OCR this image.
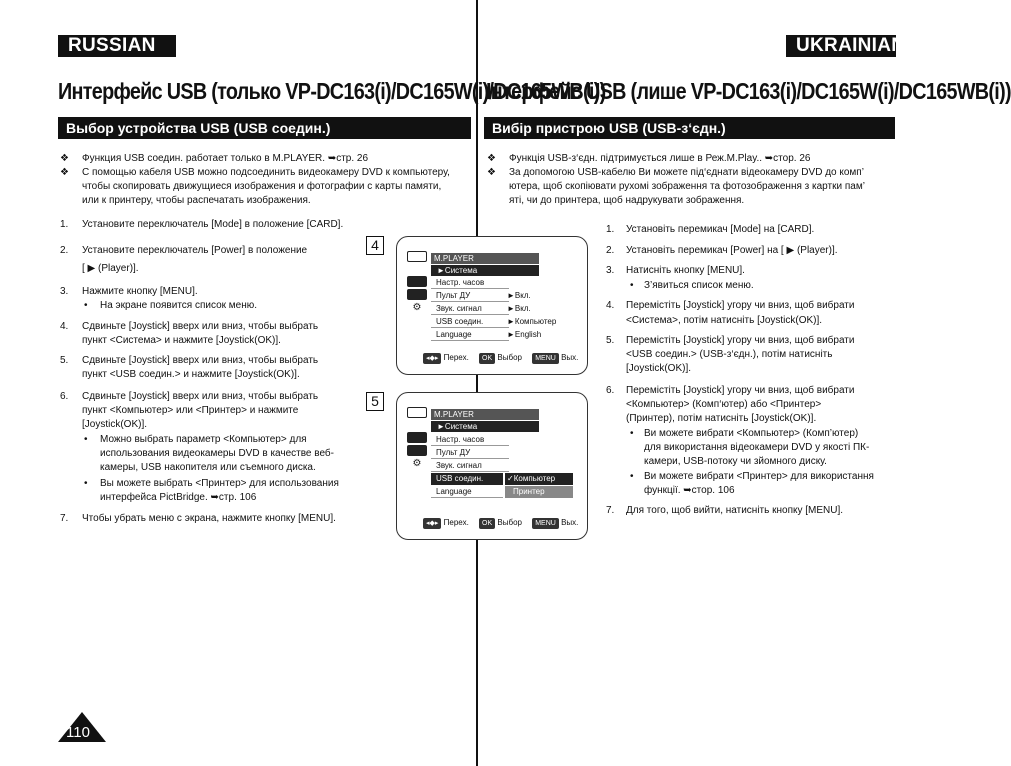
RUSSIAN
Интерфейс USB (только VP-DC163(i)/DC165W(i)/DC165WB(i))
Выбор устройства USB (USB соедин.)
❖ Функция USB соедин. работает только в M.PLAYER. ➥стр. 26
❖ С помощью кабеля USB можно подсоединить видеокамеру DVD к компьютеру,
чтобы скопировать движущиеся изображения и фотографии с карты памяти,
или к принтеру, чтобы распечатать изображения.
1. Установите переключатель [Mode] в положение [CARD].
2. Установите переключатель [Power] в положение
[ ▶ (Player)].
3. Нажмите кнопку [MENU].
• На экране появится список меню.
4. Сдвиньте [Joystick] вверх или вниз, чтобы выбрать
пункт <Система> и нажмите [Joystick(OK)].
5. Сдвиньте [Joystick] вверх или вниз, чтобы выбрать
пункт <USB соедин.> и нажмите [Joystick(OK)].
6. Сдвиньте [Joystick] вверх или вниз, чтобы выбрать
пункт <Компьютер> или <Принтер> и нажмите
[Joystick(OK)].
• Можно выбрать параметр <Компьютер> для
использования видеокамеры DVD в качестве веб-
камеры, USB накопителя или съемного диска.
• Вы можете выбрать <Принтер> для использования
интерфейса PictBridge. ➥стр. 106
7. Чтобы убрать меню с экрана, нажмите кнопку [MENU].
4
⚙
M.PLAYER
►Система
Настр. часов
Пульт ДУ
Звук. сигнал
USB соедин.
Language
►Вкл.
►Вкл.
►Компьютер
►English
◂◆▸ Перех. OK Выбор MENU Вых.
5
⚙
M.PLAYER
►Система
Настр. часов
Пульт ДУ
Звук. сигнал
USB соедин.
Language
✓Компьютер
Принтер
◂◆▸ Перех. OK Выбор MENU Вых.
UKRAINIAN
Інтерфейс USB (лише VP-DC163(i)/DC165W(i)/DC165WB(i))
Вибір пристрою USB (USB-з‘єдн.)
❖ Функція USB-з‘єдн. підтримується лише в Реж.M.Play.. ➥стор. 26
❖ За допомогою USB-кабелю Ви можете під‘єднати відеокамеру DVD до комп’
ютера, щоб скопіювати рухомі зображення та фотозображення з картки пам’
яті, чи до принтера, щоб надрукувати зображення.
1. Установіть перемикач [Mode] на [CARD].
2. Установіть перемикач [Power] на [ ▶ (Player)].
3. Натисніть кнопку [MENU].
• З’явиться список меню.
4. Перемістіть [Joystick] угору чи вниз, щоб вибрати
<Система>, потім натисніть [Joystick(OK)].
5. Перемістіть [Joystick] угору чи вниз, щоб вибрати
<USB соедин.> (USB-з‘єдн.), потім натисніть
[Joystick(OK)].
6. Перемістіть [Joystick] угору чи вниз, щоб вибрати
<Компьютер> (Комп‘ютер) або <Принтер>
(Принтер), потім натисніть [Joystick(OK)].
• Ви можете вибрати <Компьютер> (Комп’ютер)
для використання відеокамери DVD у якості ПК-
камери, USB-потоку чи зйомного диску.
• Ви можете вибрати <Принтер> для використання
функції. ➥стор. 106
7. Для того, щоб вийти, натисніть кнопку [MENU].
110
